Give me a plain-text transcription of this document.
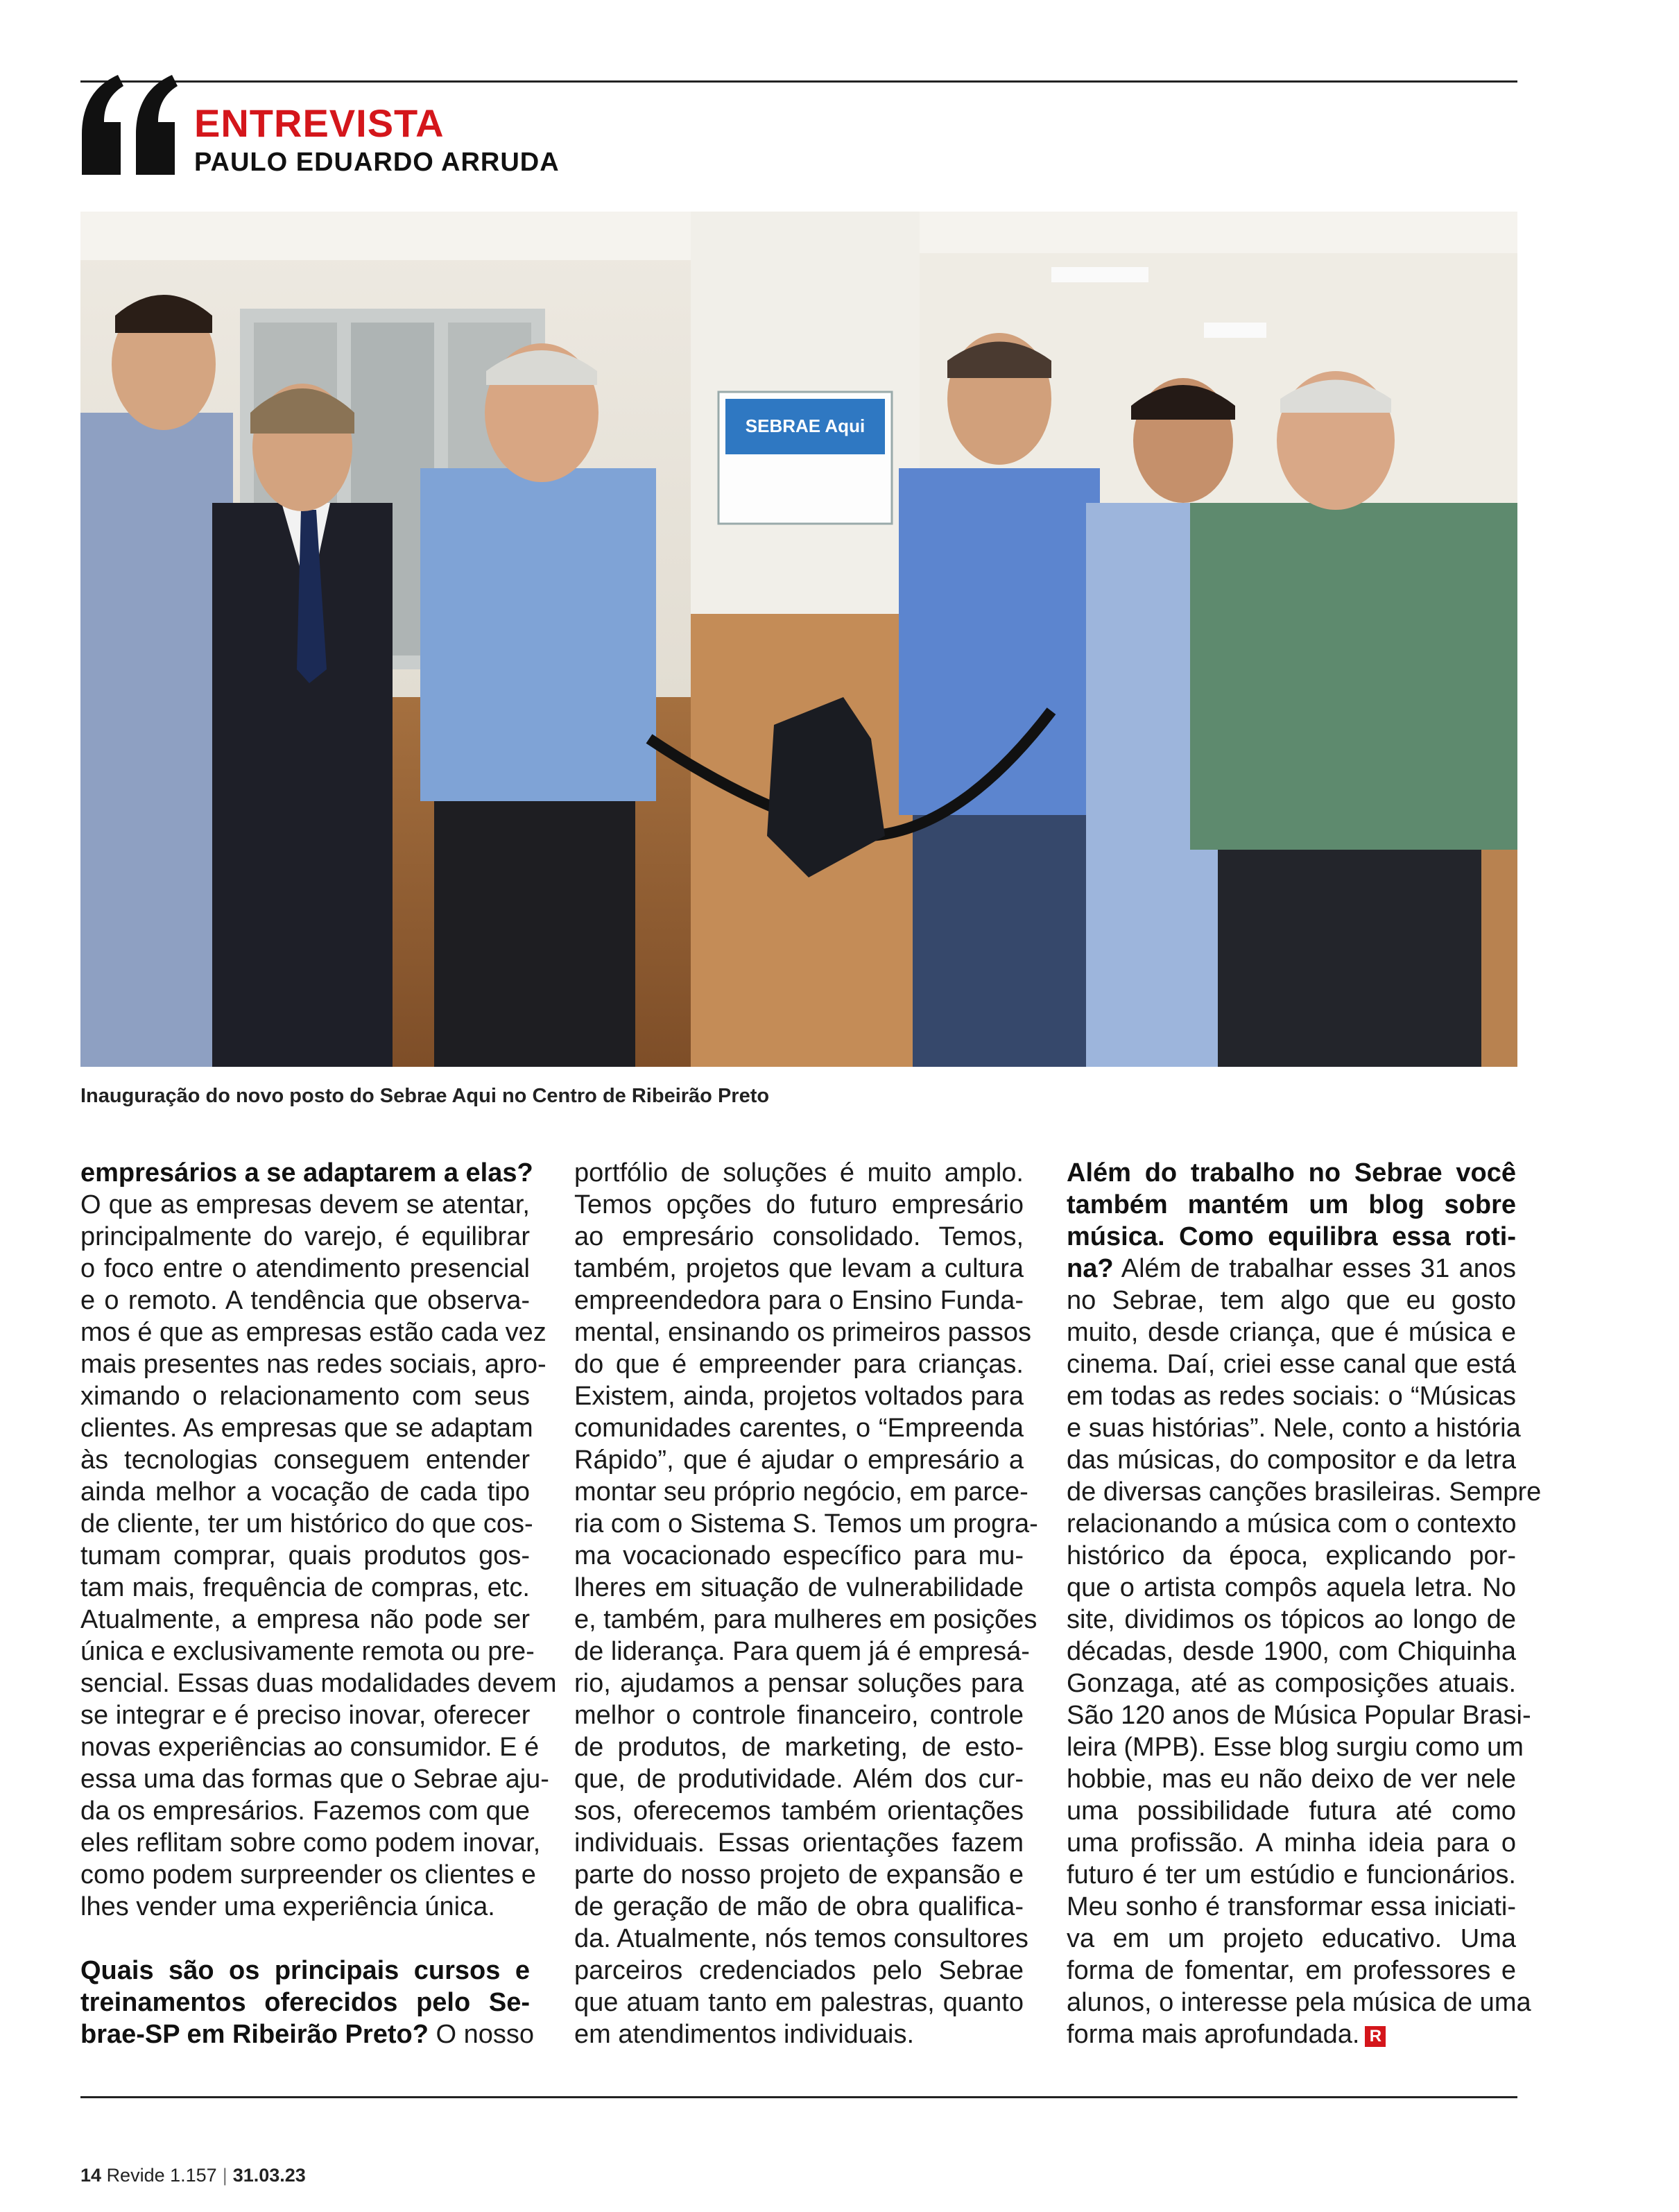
ENTREVISTA
PAULO EDUARDO ARRUDA
SEBRAE Aqui

Inauguração do novo posto do Sebrae Aqui no Centro de Ribeirão Preto

empresários a se adaptarem a elas?
O que as empresas devem se atentar,
principalmente do varejo, é equilibrar
o foco entre o atendimento presencial
e o remoto. A tendência que observa-
mos é que as empresas estão cada vez
mais presentes nas redes sociais, apro-
ximando o relacionamento com seus
clientes. As empresas que se adaptam
às tecnologias conseguem entender
ainda melhor a vocação de cada tipo
de cliente, ter um histórico do que cos-
tumam comprar, quais produtos gos-
tam mais, frequência de compras, etc.
Atualmente, a empresa não pode ser
única e exclusivamente remota ou pre-
sencial. Essas duas modalidades devem
se integrar e é preciso inovar, oferecer
novas experiências ao consumidor. E é
essa uma das formas que o Sebrae aju-
da os empresários. Fazemos com que
eles reflitam sobre como podem inovar,
como podem surpreender os clientes e
lhes vender uma experiência única.

Quais são os principais cursos e
treinamentos oferecidos pelo Se-
brae-SP em Ribeirão Preto? O nosso

portfólio de soluções é muito amplo.
Temos opções do futuro empresário
ao empresário consolidado. Temos,
também, projetos que levam a cultura
empreendedora para o Ensino Funda-
mental, ensinando os primeiros passos
do que é empreender para crianças.
Existem, ainda, projetos voltados para
comunidades carentes, o “Empreenda
Rápido”, que é ajudar o empresário a
montar seu próprio negócio, em parce-
ria com o Sistema S. Temos um progra-
ma vocacionado específico para mu-
lheres em situação de vulnerabilidade
e, também, para mulheres em posições
de liderança. Para quem já é empresá-
rio, ajudamos a pensar soluções para
melhor o controle financeiro, controle
de produtos, de marketing, de esto-
que, de produtividade. Além dos cur-
sos, oferecemos também orientações
individuais. Essas orientações fazem
parte do nosso projeto de expansão e
de geração de mão de obra qualifica-
da. Atualmente, nós temos consultores
parceiros credenciados pelo Sebrae
que atuam tanto em palestras, quanto
em atendimentos individuais.

Além do trabalho no Sebrae você
também mantém um blog sobre
música. Como equilibra essa roti-
na? Além de trabalhar esses 31 anos
no Sebrae, tem algo que eu gosto
muito, desde criança, que é música e
cinema. Daí, criei esse canal que está
em todas as redes sociais: o “Músicas
e suas histórias”. Nele, conto a história
das músicas, do compositor e da letra
de diversas canções brasileiras. Sempre
relacionando a música com o contexto
histórico da época, explicando por-
que o artista compôs aquela letra. No
site, dividimos os tópicos ao longo de
décadas, desde 1900, com Chiquinha
Gonzaga, até as composições atuais.
São 120 anos de Música Popular Brasi-
leira (MPB). Esse blog surgiu como um
hobbie, mas eu não deixo de ver nele
uma possibilidade futura até como
uma profissão. A minha ideia para o
futuro é ter um estúdio e funcionários.
Meu sonho é transformar essa iniciati-
va em um projeto educativo. Uma
forma de fomentar, em professores e
alunos, o interesse pela música de uma
forma mais aprofundada. R

14 Revide 1.157 | 31.03.23
